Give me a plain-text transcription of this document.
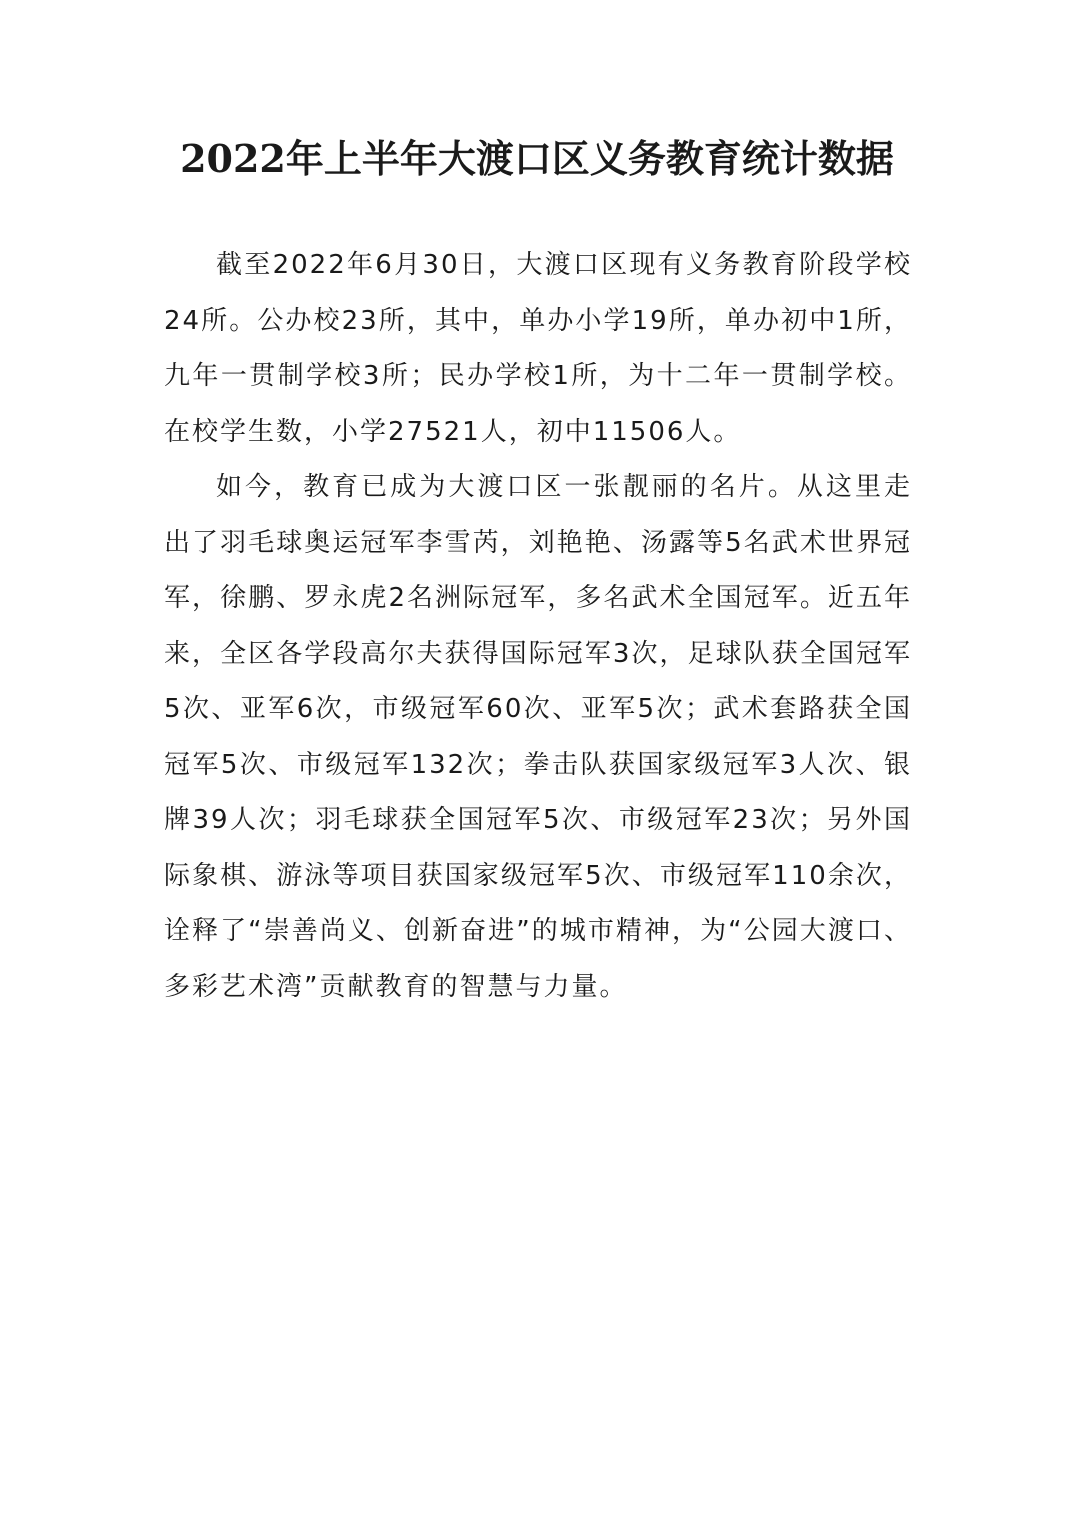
2022年上半年大渡口区义务教育统计数据

截至2022年6月30日，大渡口区现有义务教育阶段学校24所。公办校23所，其中，单办小学19所，单办初中1所，九年一贯制学校3所；民办学校1所，为十二年一贯制学校。在校学生数，小学27521人，初中11506人。

如今，教育已成为大渡口区一张靓丽的名片。从这里走出了羽毛球奥运冠军李雪芮，刘艳艳、汤露等5名武术世界冠军，徐鹏、罗永虎2名洲际冠军，多名武术全国冠军。近五年来，全区各学段高尔夫获得国际冠军3次，足球队获全国冠军5次、亚军6次，市级冠军60次、亚军5次；武术套路获全国冠军5次、市级冠军132次；拳击队获国家级冠军3人次、银牌39人次；羽毛球获全国冠军5次、市级冠军23次；另外国际象棋、游泳等项目获国家级冠军5次、市级冠军110余次，诠释了“崇善尚义、创新奋进”的城市精神，为“公园大渡口、多彩艺术湾”贡献教育的智慧与力量。
